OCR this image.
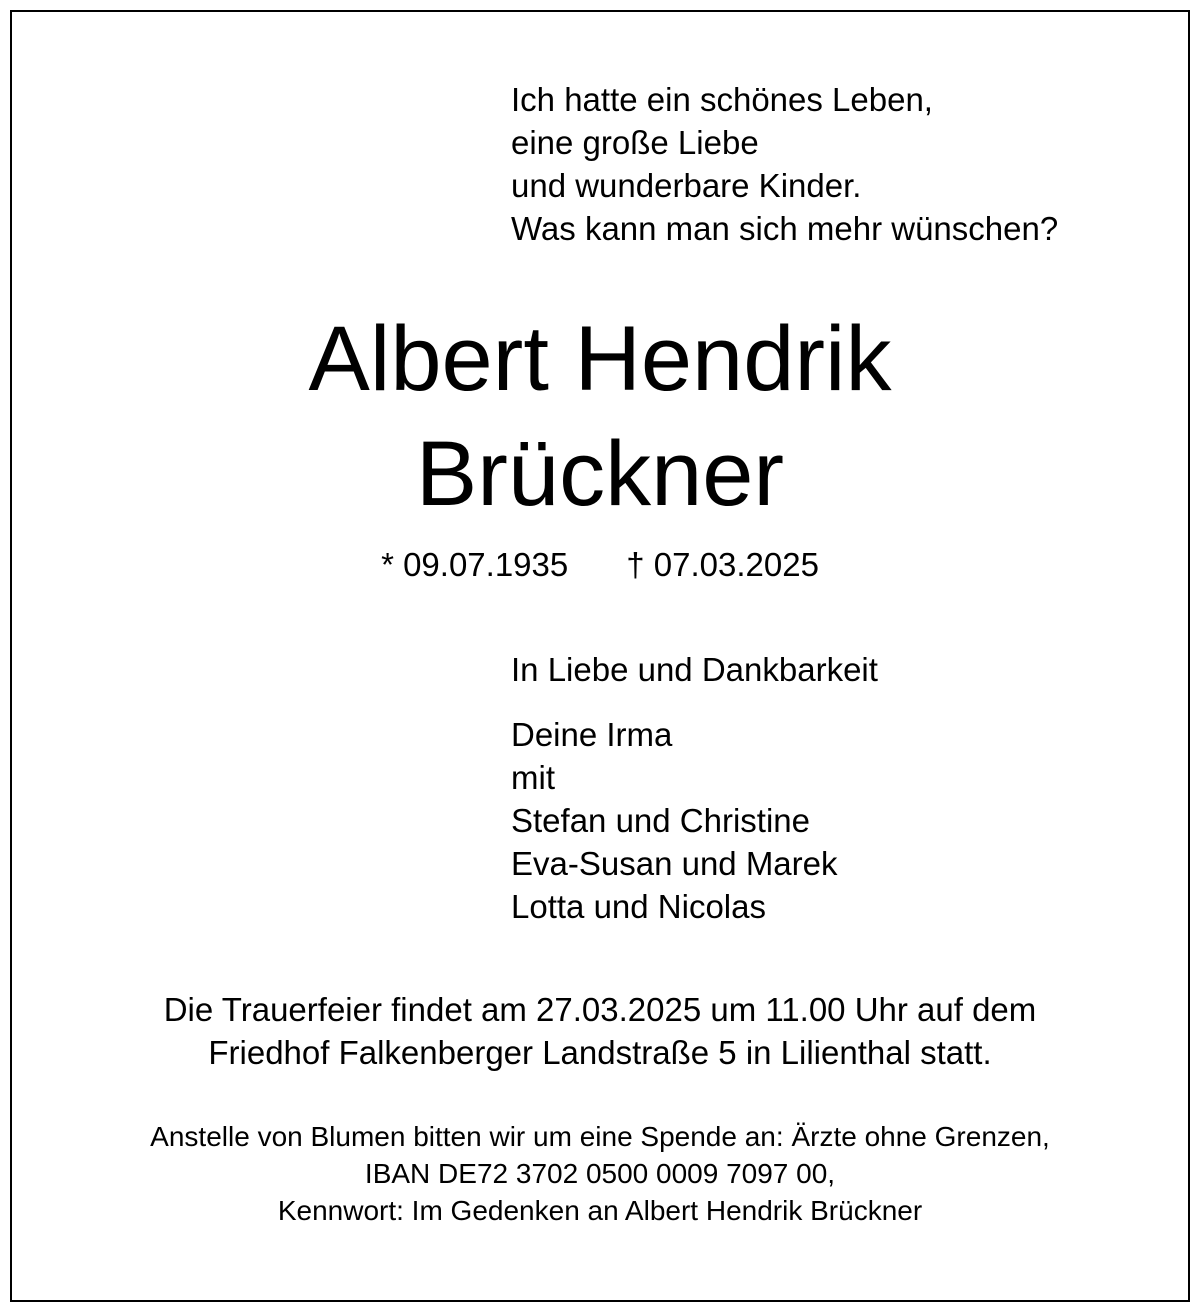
Ich hatte ein schönes Leben,
eine große Liebe
und wunderbare Kinder.
Was kann man sich mehr wünschen?
Albert Hendrik
Brückner
* 09.07.1935 † 07.03.2025
In Liebe und Dankbarkeit
Deine Irma
mit
Stefan und Christine
Eva-Susan und Marek
Lotta und Nicolas
Die Trauerfeier findet am 27.03.2025 um 11.00 Uhr auf dem
Friedhof Falkenberger Landstraße 5 in Lilienthal statt.
Anstelle von Blumen bitten wir um eine Spende an: Ärzte ohne Grenzen,
IBAN DE72 3702 0500 0009 7097 00,
Kennwort: Im Gedenken an Albert Hendrik Brückner
